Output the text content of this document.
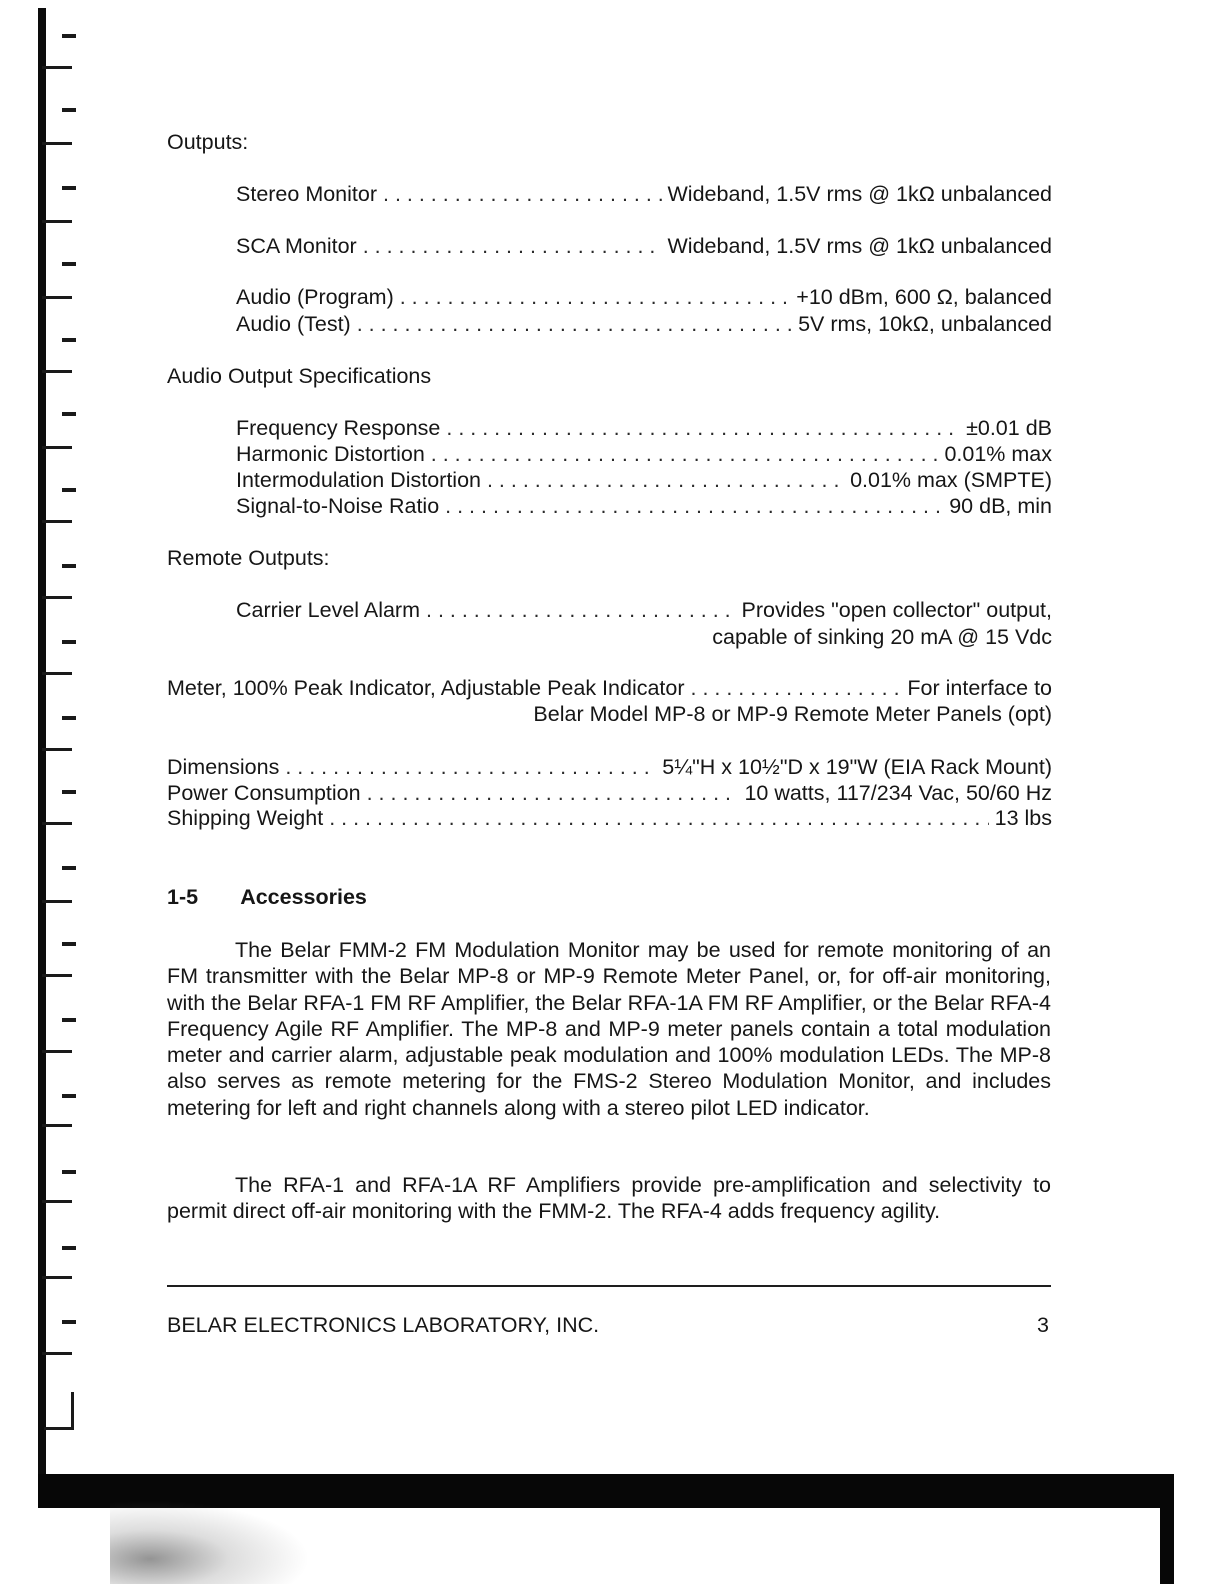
Outputs:
Stereo Monitor . . .	Wideband, 1.5V rms @ 1kΩ unbalanced
SCA Monitor . . .	Wideband, 1.5V rms @ 1kΩ unbalanced
Audio (Program) . . .	+10 dBm, 600 Ω, balanced
Audio (Test) . . .	5V rms, 10kΩ, unbalanced
Audio Output Specifications
Frequency Response . . .	±0.01 dB
Harmonic Distortion . . .	0.01% max
Intermodulation Distortion . . .	0.01% max (SMPTE)
Signal-to-Noise Ratio . . .	90 dB, min
Remote Outputs:
Carrier Level Alarm . . .	Provides "open collector" output,
capable of sinking 20 mA @ 15 Vdc
Meter, 100% Peak Indicator, Adjustable Peak Indicator . . .	For interface to
Belar Model MP-8 or MP-9 Remote Meter Panels (opt)
Dimensions . . .	5¼"H x 10½"D x 19"W (EIA Rack Mount)
Power Consumption . . .	10 watts, 117/234 Vac, 50/60 Hz
Shipping Weight . . .	13 lbs
1-5 Accessories

The Belar FMM-2 FM Modulation Monitor may be used for remote monitoring of an FM transmitter with the Belar MP-8 or MP-9 Remote Meter Panel, or, for off-air monitoring, with the Belar RFA-1 FM RF Amplifier, the Belar RFA-1A FM RF Amplifier, or the Belar RFA-4 Frequency Agile RF Amplifier. The MP-8 and MP-9 meter panels contain a total modulation meter and carrier alarm, adjustable peak modulation and 100% modulation LEDs. The MP-8 also serves as remote metering for the FMS-2 Stereo Modulation Monitor, and includes metering for left and right channels along with a stereo pilot LED indicator.

The RFA-1 and RFA-1A RF Amplifiers provide pre-amplification and selectivity to permit direct off-air monitoring with the FMM-2. The RFA-4 adds frequency agility.

BELAR ELECTRONICS LABORATORY, INC.	3
